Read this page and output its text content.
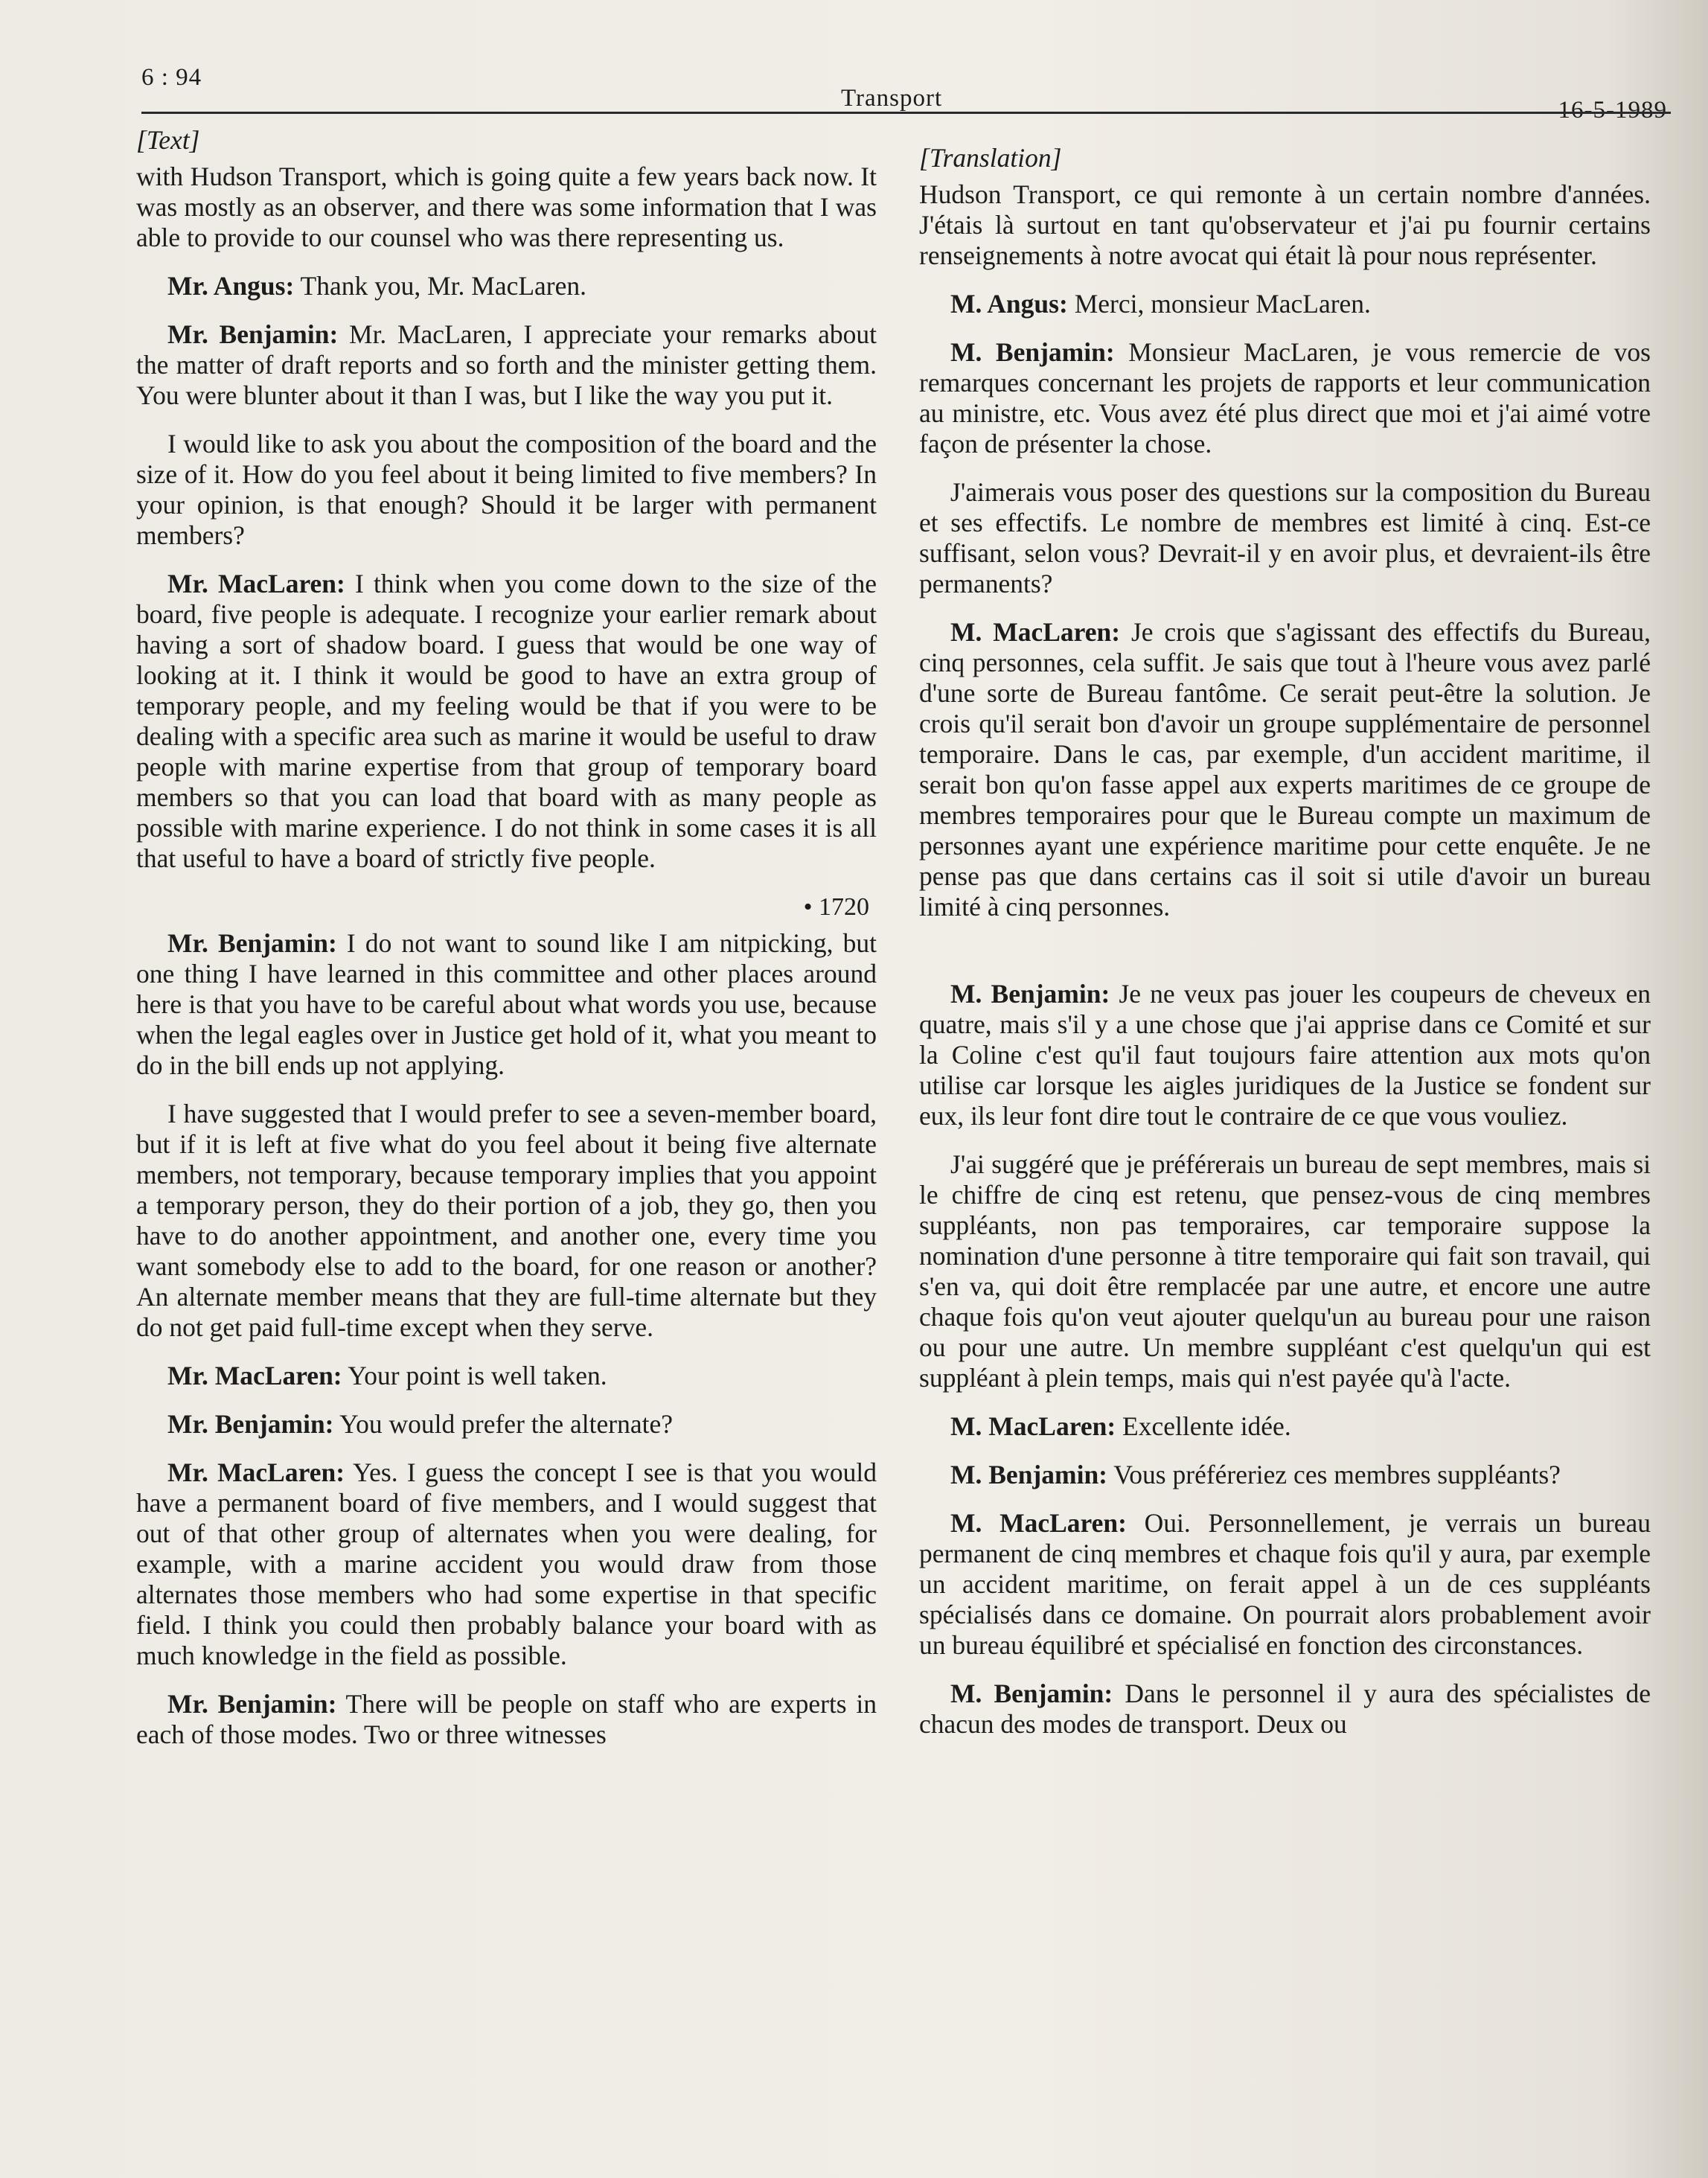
6 : 94
Transport	16-5-1989
[Text]

with Hudson Transport, which is going quite a few years back now. It was mostly as an observer, and there was some information that I was able to provide to our counsel who was there representing us.

Mr. Angus: Thank you, Mr. MacLaren.

Mr. Benjamin: Mr. MacLaren, I appreciate your remarks about the matter of draft reports and so forth and the minister getting them. You were blunter about it than I was, but I like the way you put it.

I would like to ask you about the composition of the board and the size of it. How do you feel about it being limited to five members? In your opinion, is that enough? Should it be larger with permanent members?

Mr. MacLaren: I think when you come down to the size of the board, five people is adequate. I recognize your earlier remark about having a sort of shadow board. I guess that would be one way of looking at it. I think it would be good to have an extra group of temporary people, and my feeling would be that if you were to be dealing with a specific area such as marine it would be useful to draw people with marine expertise from that group of temporary board members so that you can load that board with as many people as possible with marine experience. I do not think in some cases it is all that useful to have a board of strictly five people.

• 1720

Mr. Benjamin: I do not want to sound like I am nitpicking, but one thing I have learned in this committee and other places around here is that you have to be careful about what words you use, because when the legal eagles over in Justice get hold of it, what you meant to do in the bill ends up not applying.

I have suggested that I would prefer to see a seven-member board, but if it is left at five what do you feel about it being five alternate members, not temporary, because temporary implies that you appoint a temporary person, they do their portion of a job, they go, then you have to do another appointment, and another one, every time you want somebody else to add to the board, for one reason or another? An alternate member means that they are full-time alternate but they do not get paid full-time except when they serve.

Mr. MacLaren: Your point is well taken.

Mr. Benjamin: You would prefer the alternate?

Mr. MacLaren: Yes. I guess the concept I see is that you would have a permanent board of five members, and I would suggest that out of that other group of alternates when you were dealing, for example, with a marine accident you would draw from those alternates those members who had some expertise in that specific field. I think you could then probably balance your board with as much knowledge in the field as possible.

Mr. Benjamin: There will be people on staff who are experts in each of those modes. Two or three witnesses

[Translation]

Hudson Transport, ce qui remonte à un certain nombre d'années. J'étais là surtout en tant qu'observateur et j'ai pu fournir certains renseignements à notre avocat qui était là pour nous représenter.

M. Angus: Merci, monsieur MacLaren.

M. Benjamin: Monsieur MacLaren, je vous remercie de vos remarques concernant les projets de rapports et leur communication au ministre, etc. Vous avez été plus direct que moi et j'ai aimé votre façon de présenter la chose.

J'aimerais vous poser des questions sur la composition du Bureau et ses effectifs. Le nombre de membres est limité à cinq. Est-ce suffisant, selon vous? Devrait-il y en avoir plus, et devraient-ils être permanents?

M. MacLaren: Je crois que s'agissant des effectifs du Bureau, cinq personnes, cela suffit. Je sais que tout à l'heure vous avez parlé d'une sorte de Bureau fantôme. Ce serait peut-être la solution. Je crois qu'il serait bon d'avoir un groupe supplémentaire de personnel temporaire. Dans le cas, par exemple, d'un accident maritime, il serait bon qu'on fasse appel aux experts maritimes de ce groupe de membres temporaires pour que le Bureau compte un maximum de personnes ayant une expérience maritime pour cette enquête. Je ne pense pas que dans certains cas il soit si utile d'avoir un bureau limité à cinq personnes.

M. Benjamin: Je ne veux pas jouer les coupeurs de cheveux en quatre, mais s'il y a une chose que j'ai apprise dans ce Comité et sur la Coline c'est qu'il faut toujours faire attention aux mots qu'on utilise car lorsque les aigles juridiques de la Justice se fondent sur eux, ils leur font dire tout le contraire de ce que vous vouliez.

J'ai suggéré que je préférerais un bureau de sept membres, mais si le chiffre de cinq est retenu, que pensez-vous de cinq membres suppléants, non pas temporaires, car temporaire suppose la nomination d'une personne à titre temporaire qui fait son travail, qui s'en va, qui doit être remplacée par une autre, et encore une autre chaque fois qu'on veut ajouter quelqu'un au bureau pour une raison ou pour une autre. Un membre suppléant c'est quelqu'un qui est suppléant à plein temps, mais qui n'est payée qu'à l'acte.

M. MacLaren: Excellente idée.

M. Benjamin: Vous préféreriez ces membres suppléants?

M. MacLaren: Oui. Personnellement, je verrais un bureau permanent de cinq membres et chaque fois qu'il y aura, par exemple un accident maritime, on ferait appel à un de ces suppléants spécialisés dans ce domaine. On pourrait alors probablement avoir un bureau équilibré et spécialisé en fonction des circonstances.

M. Benjamin: Dans le personnel il y aura des spécialistes de chacun des modes de transport. Deux ou
